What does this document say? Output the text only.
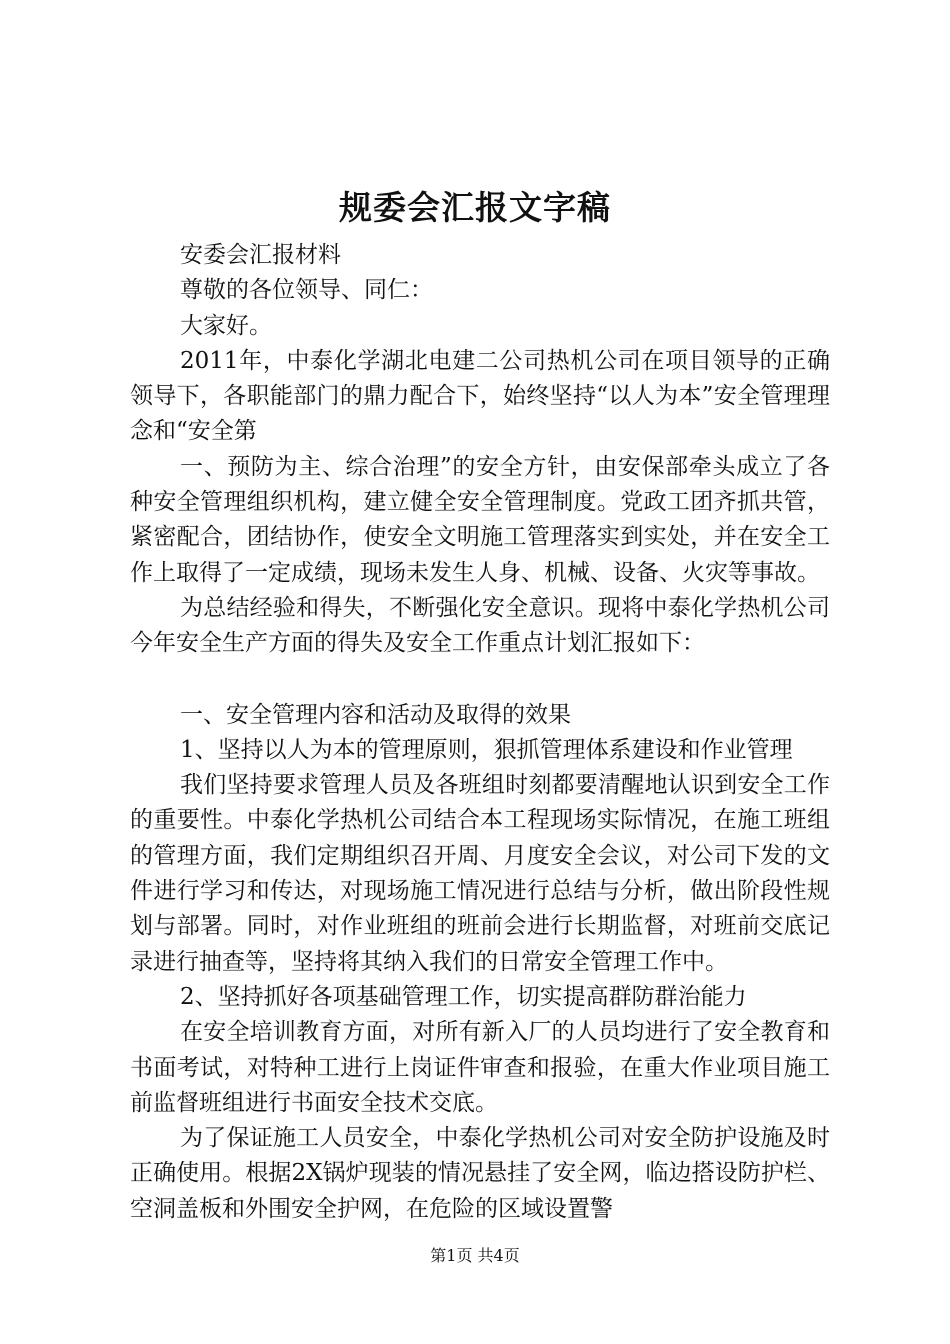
规委会汇报文字稿

安委会汇报材料

尊敬的各位领导、同仁：

大家好。

2011年，中泰化学湖北电建二公司热机公司在项目领导的正确领导下，各职能部门的鼎力配合下，始终坚持“以人为本”安全管理理念和“安全第

一、预防为主、综合治理”的安全方针，由安保部牵头成立了各种安全管理组织机构，建立健全安全管理制度。党政工团齐抓共管，紧密配合，团结协作，使安全文明施工管理落实到实处，并在安全工作上取得了一定成绩，现场未发生人身、机械、设备、火灾等事故。

为总结经验和得失，不断强化安全意识。现将中泰化学热机公司今年安全生产方面的得失及安全工作重点计划汇报如下：

一、安全管理内容和活动及取得的效果

1、坚持以人为本的管理原则，狠抓管理体系建设和作业管理

我们坚持要求管理人员及各班组时刻都要清醒地认识到安全工作的重要性。中泰化学热机公司结合本工程现场实际情况，在施工班组的管理方面，我们定期组织召开周、月度安全会议，对公司下发的文件进行学习和传达，对现场施工情况进行总结与分析，做出阶段性规划与部署。同时，对作业班组的班前会进行长期监督，对班前交底记录进行抽查等，坚持将其纳入我们的日常安全管理工作中。

2、坚持抓好各项基础管理工作，切实提高群防群治能力

在安全培训教育方面，对所有新入厂的人员均进行了安全教育和书面考试，对特种工进行上岗证件审查和报验，在重大作业项目施工前监督班组进行书面安全技术交底。

为了保证施工人员安全，中泰化学热机公司对安全防护设施及时正确使用。根据2X锅炉现装的情况悬挂了安全网，临边搭设防护栏、空洞盖板和外围安全护网，在危险的区域设置警

第1页 共4页
